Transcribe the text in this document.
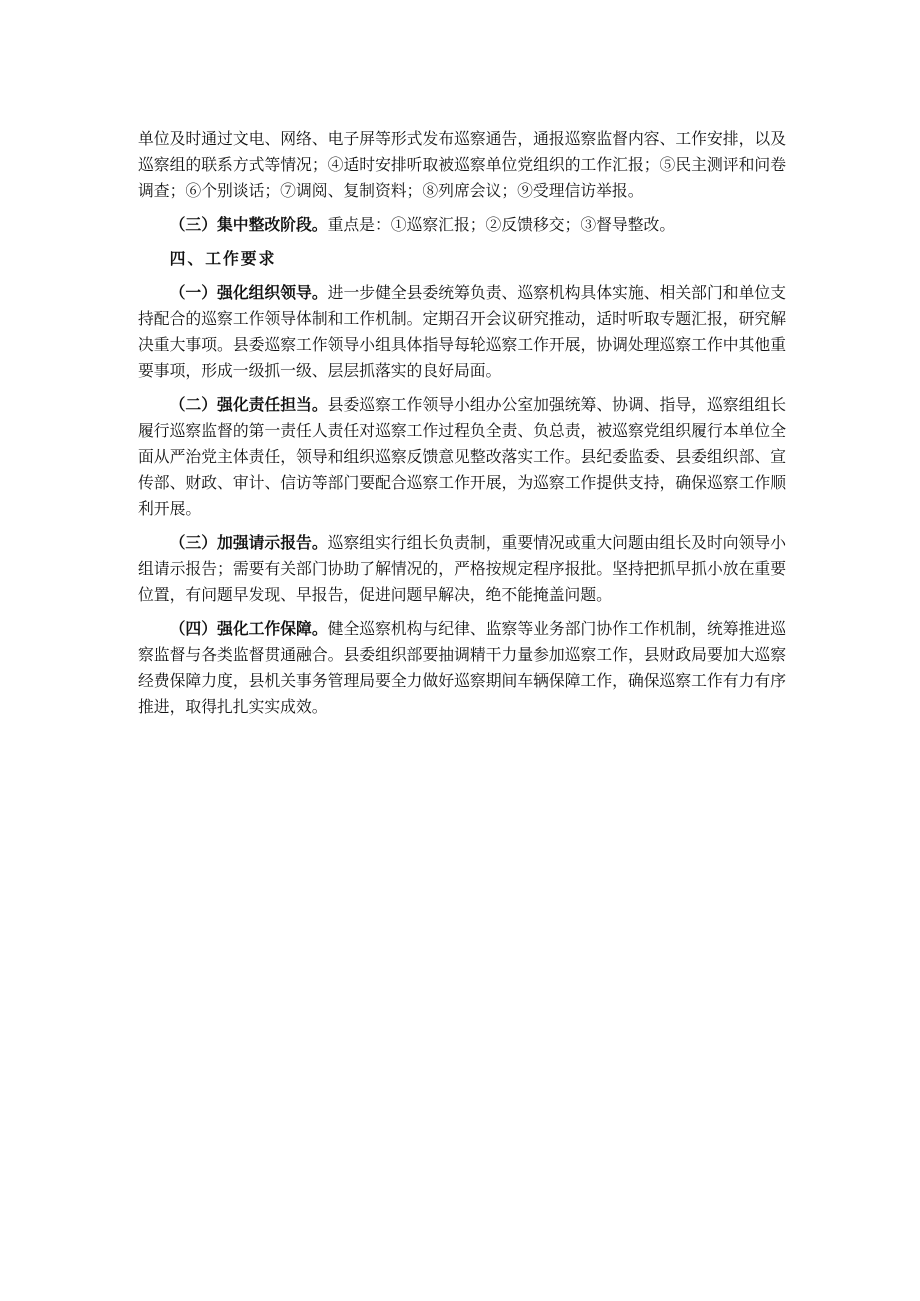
单位及时通过文电、网络、电子屏等形式发布巡察通告，通报巡察监督内容、工作安排，以及巡察组的联系方式等情况；④适时安排听取被巡察单位党组织的工作汇报；⑤民主测评和问卷调查；⑥个别谈话；⑦调阅、复制资料；⑧列席会议；⑨受理信访举报。

（三）集中整改阶段。重点是：①巡察汇报；②反馈移交；③督导整改。

四、工作要求

（一）强化组织领导。进一步健全县委统筹负责、巡察机构具体实施、相关部门和单位支持配合的巡察工作领导体制和工作机制。定期召开会议研究推动，适时听取专题汇报，研究解决重大事项。县委巡察工作领导小组具体指导每轮巡察工作开展，协调处理巡察工作中其他重要事项，形成一级抓一级、层层抓落实的良好局面。

（二）强化责任担当。县委巡察工作领导小组办公室加强统筹、协调、指导，巡察组组长履行巡察监督的第一责任人责任对巡察工作过程负全责、负总责，被巡察党组织履行本单位全面从严治党主体责任，领导和组织巡察反馈意见整改落实工作。县纪委监委、县委组织部、宣传部、财政、审计、信访等部门要配合巡察工作开展，为巡察工作提供支持，确保巡察工作顺利开展。

（三）加强请示报告。巡察组实行组长负责制，重要情况或重大问题由组长及时向领导小组请示报告；需要有关部门协助了解情况的，严格按规定程序报批。坚持把抓早抓小放在重要位置，有问题早发现、早报告，促进问题早解决，绝不能掩盖问题。

（四）强化工作保障。健全巡察机构与纪律、监察等业务部门协作工作机制，统筹推进巡察监督与各类监督贯通融合。县委组织部要抽调精干力量参加巡察工作，县财政局要加大巡察经费保障力度，县机关事务管理局要全力做好巡察期间车辆保障工作，确保巡察工作有力有序推进，取得扎扎实实成效。
